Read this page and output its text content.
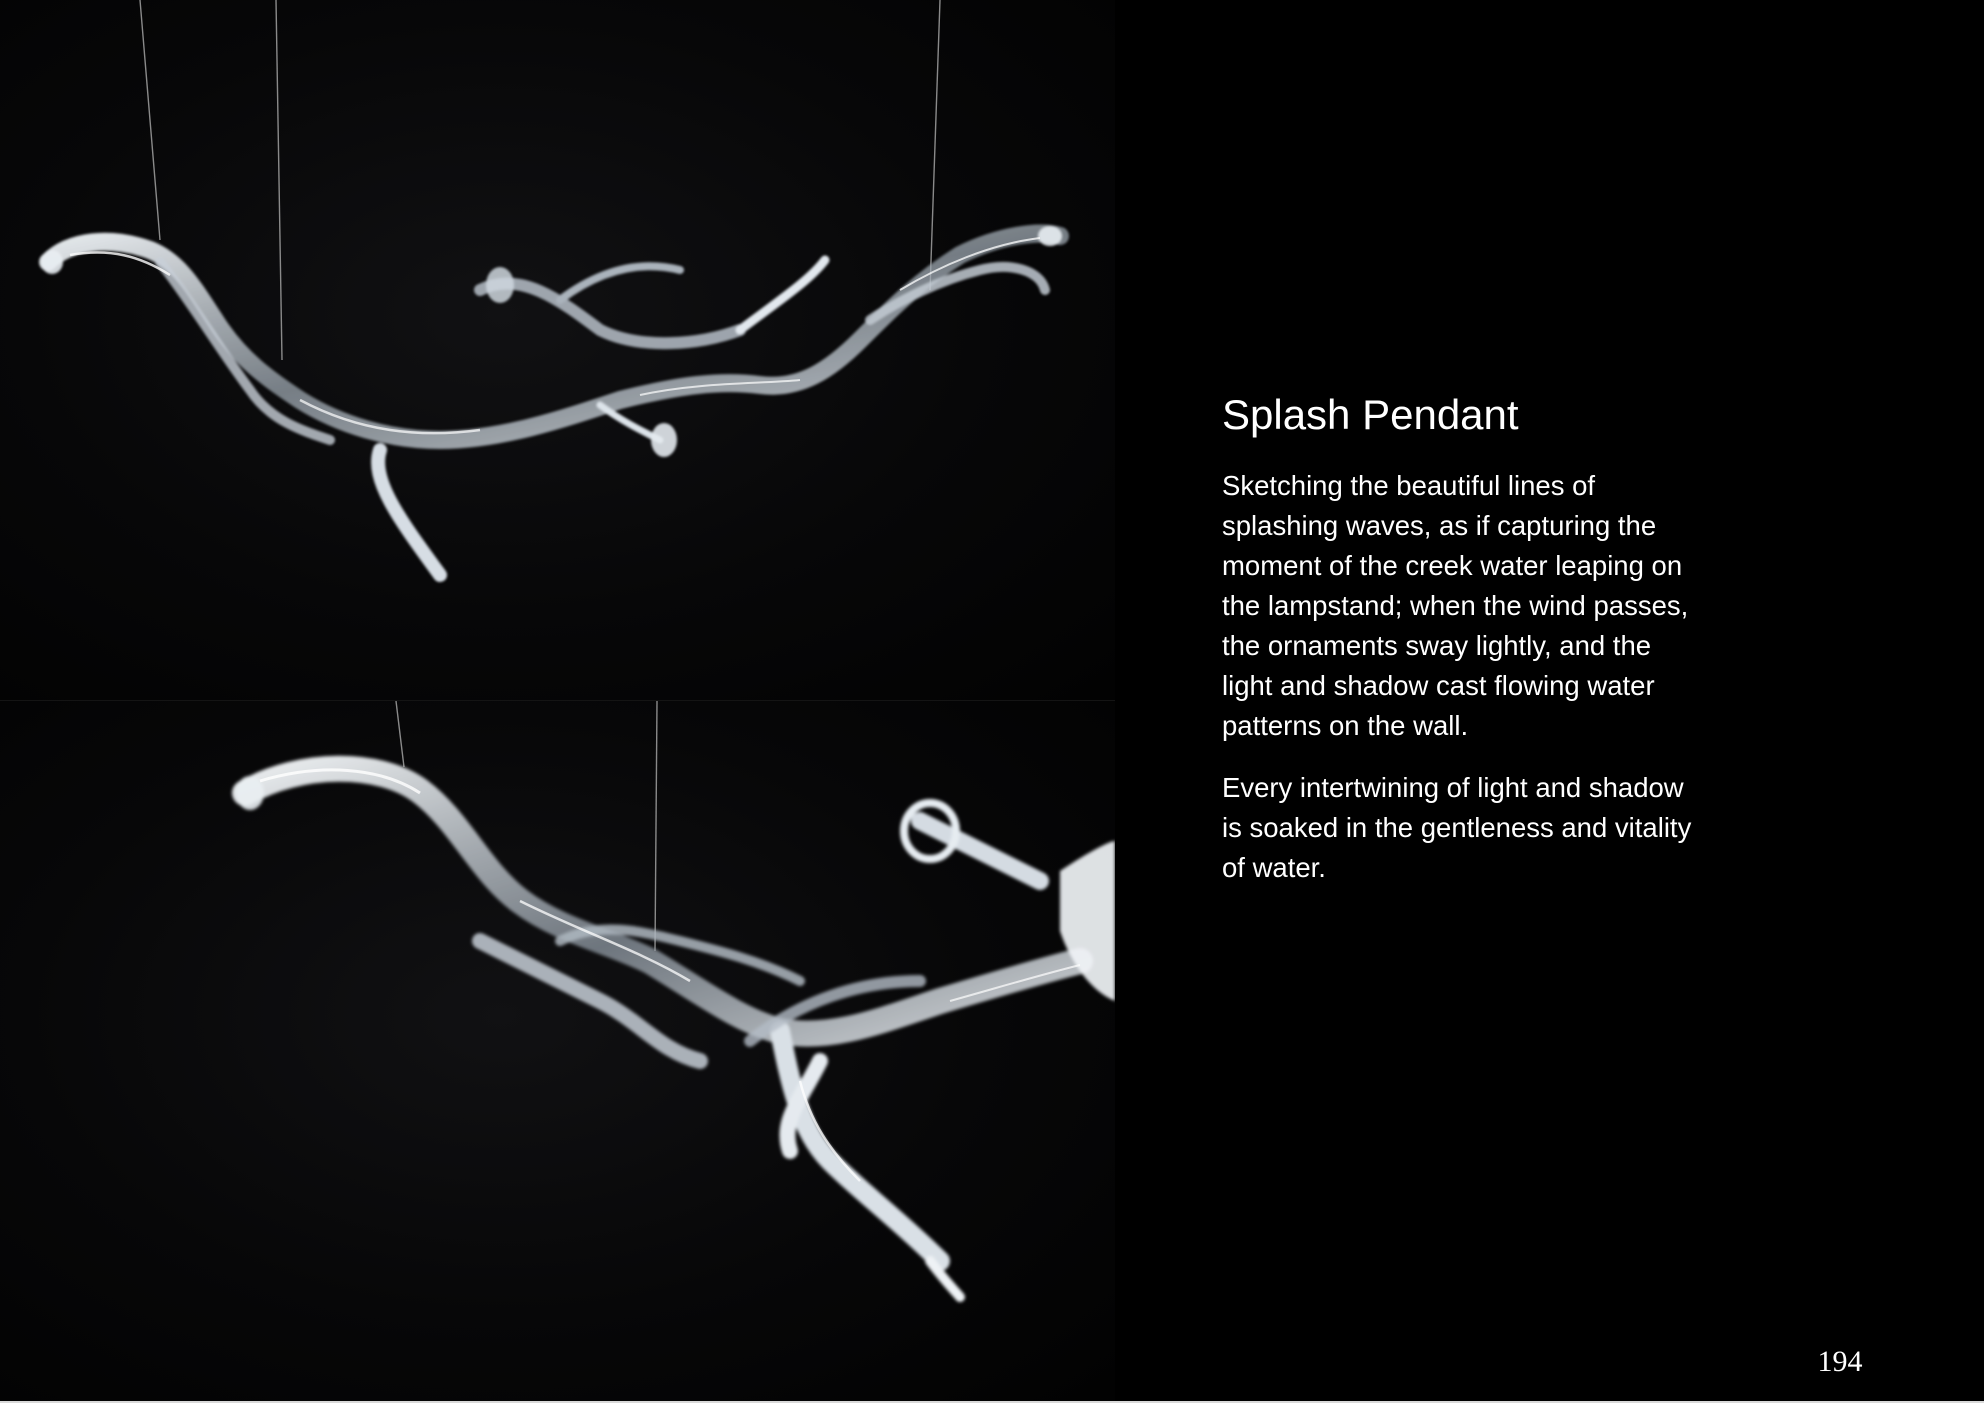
Splash Pendant

Sketching the beautiful lines of splashing waves, as if capturing the moment of the creek water leaping on the lampstand; when the wind passes, the ornaments sway lightly, and the light and shadow cast flowing water patterns on the wall.

Every intertwining of light and shadow is soaked in the gentleness and vitality of water.

194
